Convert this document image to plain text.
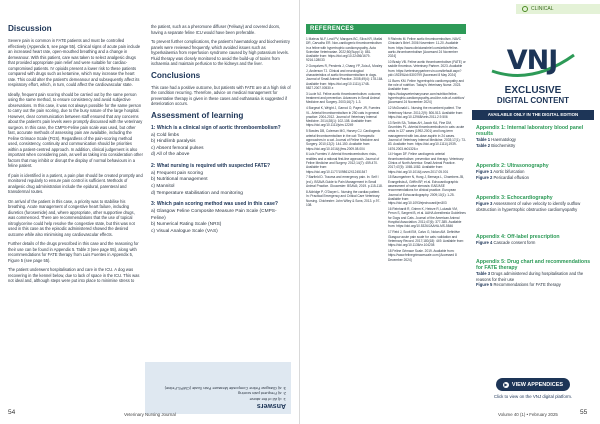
Discussion

Severe pain is common in FATE patients and must be controlled effectively (Appendix 5, see page 55). Clinical signs of acute pain include an increased heart rate, open-mouthed breathing and a change in demeanour. With this patient, care was taken to select analgesic drugs that provided appropriate pain relief and were suitable for cardiac-compromised patients. IV opioids present a lower risk to these patients compared with drugs such as ketamine, which may increase the heart rate. This could alter the patient's demeanour and subsequently affect its respiratory effort, which, in turn, could affect the cardiovascular state.

Ideally, frequent pain scoring should be carried out by the same person using the same method, to ensure consistency and avoid subjective observations. In this case, it was not always possible for the same person to carry out the pain scoring, due to the busy nature of the large hospital. However, clear communication between staff ensured that any concerns about the patient's pain levels were promptly discussed with the veterinary surgeon. In this case, the CMPS-Feline pain scale was used, but other fast, accurate methods of assessing pain are available, including the Feline Grimace Scale (FGS). Regardless of the pain-scoring method used, consistency, continuity and communication should be priorities within a patient-centred approach. In addition, clinical judgement is also important when considering pain, as well as taking into consideration other factors that may inhibit or disrupt the display of normal behaviours in a feline patient.

If pain is identified in a patient, a pain plan should be created promptly and monitored regularly to ensure pain control is sufficient. Methods of analgesic drug administration include the epidural, parenteral and transdermal routes.

On arrival of the patient in this case, a priority was to stabilise his breathing. Acute management of congestive heart failure, including diuretics (furosemide) and, where appropriate, other supportive drugs, was commenced. There are recommendations that the use of topical nitroglycerine could help resolve the congestive state, but this was not used in this case as the episodic administered showed the desired outcome while also minimising any cardiovascular effects.

Further details of the drugs prescribed in this case and the reasoning for their use can be found in Appendix 5. Table 3 (see page 55), along with recommendations for FATE therapy from Luis Fuentes in Appendix 5, Figure 5 (see page 55).

The patient underwent hospitalisation and care in the ICU. A dog was recovering in the kennel below, due to lack of space in the ICU. This was not ideal and, although steps were put into place to minimise stress to

the patient, such as a pheromone diffuser (Feliway) and covered doors, having a separate feline ICU would have been preferable.

To prevent further complications, the patient's haematology and biochemistry panels were reviewed frequently, which avoided issues such as hyperkalaemia from reperfusion syndrome caused by high potassium levels. Fluid therapy was closely monitored to avoid the build-up of toxins from ischaemia and maintain perfusion to the kidneys and the liver.

Conclusions

This case had a positive outcome, but patients with FATE are at a high risk of the condition recurring. Therefore, advice on medical management for preventative therapy is given in these cases and euthanasia is suggested if deterioration occurs.

Assessment of learning
1: Which is a clinical sign of aortic thromboembolism?
a) Cold limbs
b) Hindlimb paralysis
c) Absent femoral pulses
d) All of the above
2: What nursing is required with suspected FATE?
a) Frequent pain scoring
b) Nutritional management
c) Mannitol
d) Temperature stabilisation and monitoring
3: Which pain scoring method was used in this case?
a) Glasgow Feline Composite Measure Pain Scale (CMPS-Feline)
b) Numerical Rating Scale (NRS)
c) Visual Analogue Scale (VAS)
Answers
1: d) All of the above
2: a) Frequent pain scoring
3: a) Glasgow Feline Composite Measure Pain Scale (CMPS-Feline)
54	Veterinary Nursing Journal
CLINICAL
REFERENCES

1 Mateus NLF, Leal PV, Marques BC, Silva KR, Matlal DR, Carvalho ER. Non-cardiogenic thromboembolism in a feline with hypertrophic cardiomyopathy. Acta Scientiae Veterinariae. 2022;50(Suppl 1): 881. Available from: https://doi.org/10.22456/1679-9216.128033

2 Gonçalves R, Penderis J, Chang YP, Zoia A, Mosley J, Anderson TJ. Clinical and neurological characteristics of aortic thromboembolism in dogs. Journal of Small Animal Practice. 2008;49(4): 178-184. Available from: https://doi.org/10.1111/j.1748-5827.2007.00530.x

3 Lucie NJ. Feline aortic thromboembolism: outcome, treatment and prevention. Advances in Small Animal Medicine and Surgery. 2003;16(7): 1-3.

4 Borgeat K, Wright J, Garrod O, Payne JR, Fuentes VL. Arterial thromboembolism in 250 cats in general practice: 2004-2012. Journal of Veterinary Internal Medicine. 2014;28(1): 102-108. Available from: https://doi.org/10.1111/jvim.12249

5 Bowles DB, Coleman MG, Harvey CJ. Cardiogenic arterial thromboembolism in the cat: Therapeutic approaches in a cat. Journal of Feline Medicine and Surgery. 2010;12(2): 144-150. Available from: https://doi.org/10.1016/j.jfms.2009.08.004

6 Luis Fuentes V. Arterial thromboembolism: risks, realities and a rational first-line approach. Journal of Feline Medicine and Surgery. 2012;14(7): 459-470. Available from: https://doi.org/10.1177/1098612X12451547

7 Barfield D. Trauma and emergency pain. In: Self I (ed.). BSAVA Guide to Pain Management in Small Animal Practice. Gloucester: BSAVA; 2019. p.115-118.

8 Aldridge P, O'Dwyer L. Nursing the cardiac patient. In: Practical Emergency and Critical Care Veterinary Nursing. Chichester: John Wiley & Sons; 2013. p.97-108.

9 Rishniw M. Feline aortic thromboembolism. NAVC Clinician's Brief. 2006 November: 11-20. Available from: https://www.cliniciansbrief.com/article/feline-aortic-thromboembolism [Accessed 24 November 2024]

10 Brady VB. Feline aortic thromboembolism (FATE) or saddle thrombus. Veterinary Partner. 2023. Available from: https://veterinarypartner.vin.com/default.aspx?pid=19239&id=5300799 [Accessed 8 May 2024]

11 Burrs KM. Feline hypertrophic cardiomyopathy and the role of nutrition. Today's Veterinary Nurse. 2023. Available from: https://todaysveterinarynurse.com/nutrition/feline-hypertrophic-cardiomyopathy-and-the-role-of-nutrition/ [Accessed 24 November 2024]

12 McDonald L. Nursing the recumbent patient. The Veterinary Nurse. 2011;2(9): 506-513. Available from: https://doi.org/10.12968/vetn.2011.2.9.506

13 Smith SA, Tobias AH, Jacob KA, Fine DM, Grumbles PL. Arterial thromboembolism in cats: acute crisis in 127 cases (1992-2001) and long-term management with low-dose aspirin in 24 cases. Journal of Veterinary Internal Medicine. 2003;17(1): 73-83. Available from: https://doi.org/10.1111/j.1939-1676.2003.tb01326.x

14 Hogan DF. Feline cardiogenic arterial thromboembolism: prevention and therapy. Veterinary Clinics of North America: Small Animal Practice. 2017;47(5): 1065-1082. Available from: https://doi.org/10.1016/j.cvsm.2017.05.001

15 Baumgartner N, Hung J, Bernays L, Chambers JB, Evangelista A, Griffin BP, et al. Echocardiographic assessment of valve stenosis: EAE/ASE recommendations for clinical practice. European Journal of Echocardiography. 2009;10(1): 1-25. Available from: https://doi.org/10.1093/ejechocard/jen303

16 Reinhardt R, Grimm K, Heinze R, Lukasik VM, Peron S, Sargent B, et al. AAHA Anesthesia Guidelines for Dogs and Cats. Journal of the American Animal Hospital Association. 2011;47(6): 377-385. Available from: https://doi.org/10.5326/JAAHA-MS-5846

17 Reid J, Scott EM, Calvo G, Nolan AM. Definitive Glasgow acute pain scale for cats: validation and Veterinary Record. 2017;180(18): 449. Available from: https://doi.org/10.1136/vr.104208

18 Feline Grimace Scale. 2019. Available from: https://www.felinegrimacescale.com [Accessed 8 December 2024]

VNJ
EXCLUSIVE
DIGITAL CONTENT
AVAILABLE ONLY IN THE DIGITAL EDITION
Appendix 1: Internal laboratory blood panel results
Table 1 Haematology
Table 2 Biochemistry
Appendix 2: Ultrasonography
Figure 1 Aortic bifurcation
Figure 2 Pericardial effusion
Appendix 3: Echocardiography
Figure 3 Assessment of valve velocity to identify outflow obstruction in hypertrophic obstructive cardiomyopathy
Appendix 4: Off-label prescription
Figure 4 Cascade consent form
Appendix 5: Drug chart and recommendations for FATE therapy
Table 3 Drugs administered during hospitalisation and the reasons for their use
Figure 5 Recommendations for FATE therapy
▶ VIEW APPENDICES
Click to view on the VNJ digital platform.
Volume 40 (1) • February 2025	55
